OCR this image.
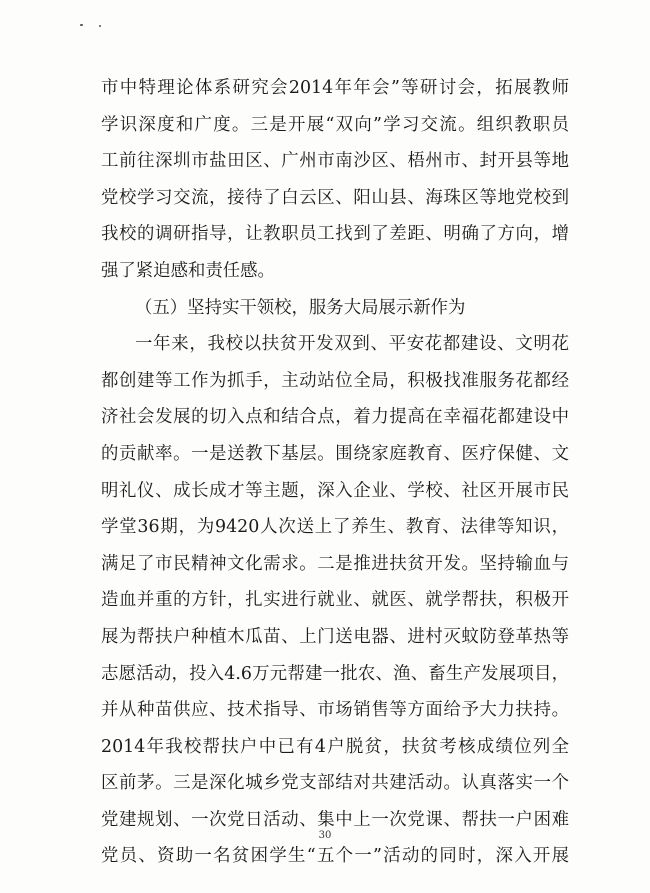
市中特理论体系研究会2014年年会”等研讨会，拓展教师
学识深度和广度。三是开展“双向”学习交流。组织教职员
工前往深圳市盐田区、广州市南沙区、梧州市、封开县等地
党校学习交流，接待了白云区、阳山县、海珠区等地党校到
我校的调研指导，让教职员工找到了差距、明确了方向，增
强了紧迫感和责任感。
（五）坚持实干领校，服务大局展示新作为
一年来，我校以扶贫开发双到、平安花都建设、文明花
都创建等工作为抓手，主动站位全局，积极找准服务花都经
济社会发展的切入点和结合点，着力提高在幸福花都建设中
的贡献率。一是送教下基层。围绕家庭教育、医疗保健、文
明礼仪、成长成才等主题，深入企业、学校、社区开展市民
学堂36期，为9420人次送上了养生、教育、法律等知识，
满足了市民精神文化需求。二是推进扶贫开发。坚持输血与
造血并重的方针，扎实进行就业、就医、就学帮扶，积极开
展为帮扶户种植木瓜苗、上门送电器、进村灭蚊防登革热等
志愿活动，投入4.6万元帮建一批农、渔、畜生产发展项目，
并从种苗供应、技术指导、市场销售等方面给予大力扶持。
2014年我校帮扶户中已有4户脱贫，扶贫考核成绩位列全
区前茅。三是深化城乡党支部结对共建活动。认真落实一个
党建规划、一次党日活动、集中上一次党课、帮扶一户困难
党员、资助一名贫困学生“五个一”活动的同时，深入开展
30
